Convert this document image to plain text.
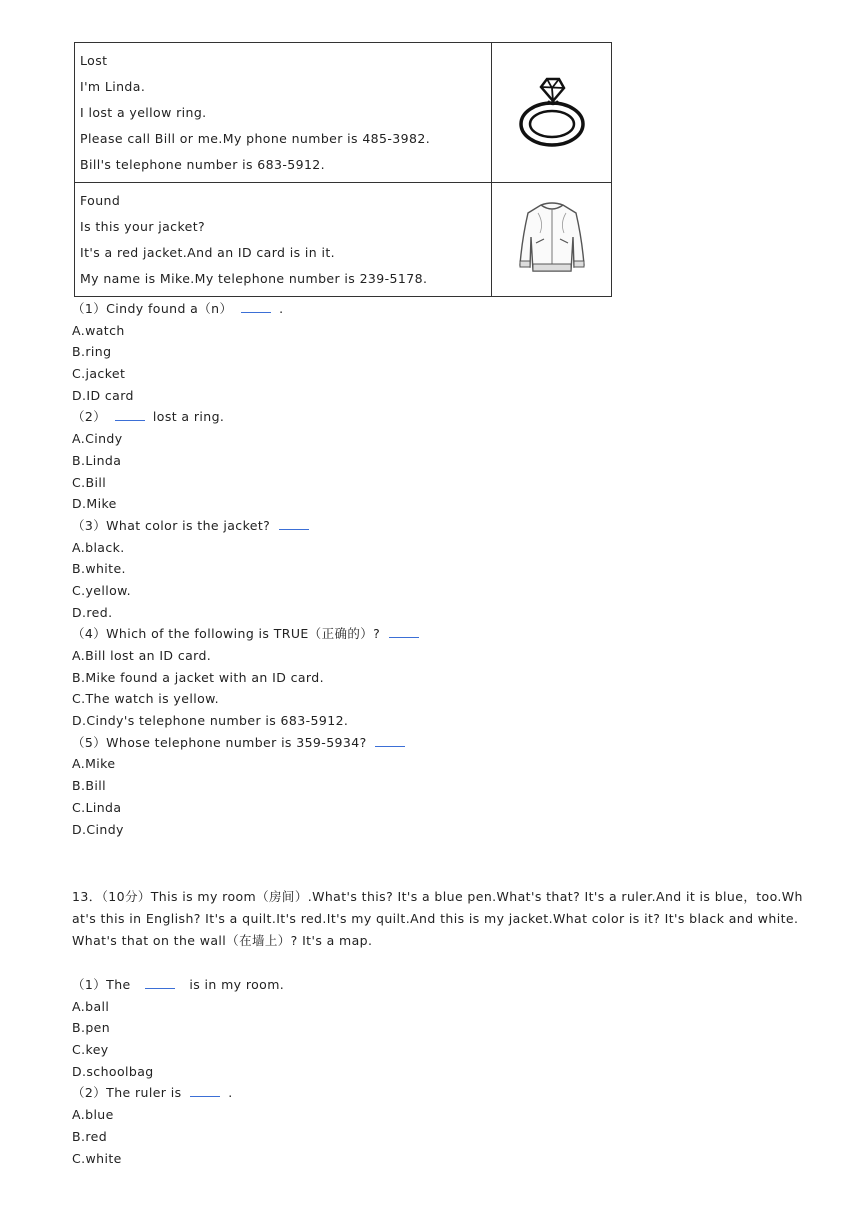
Lost
I'm Linda.
I lost a yellow ring.
Please call Bill or me.My phone number is 485-3982.
Bill's telephone number is 683-5912.

Found
Is this your jacket?
It's a red jacket.And an ID card is in it.
My name is Mike.My telephone number is 239-5178.

（1）Cindy found a（n）	.
A.watch
B.ring
C.jacket
D.ID card
（2）	lost a ring.
A.Cindy
B.Linda
C.Bill
D.Mike
（3）What color is the jacket?
A.black.
B.white.
C.yellow.
D.red.
（4）Which of the following is TRUE（正确的）?
A.Bill lost an ID card.
B.Mike found a jacket with an ID card.
C.The watch is yellow.
D.Cindy's telephone number is 683-5912.
（5）Whose telephone number is 359-5934?
A.Mike
B.Bill
C.Linda
D.Cindy
13．（10分）This is my room（房间）.What's this? It's a blue pen.What's that? It's a ruler.And it is blue，too.What's this in English? It's a quilt.It's red.It's my quilt.And this is my jacket.What color is it? It's black and white.What's that on the wall（在墙上）? It's a map.
（1）The	is in my room.
A.ball
B.pen
C.key
D.schoolbag
（2）The ruler is	.
A.blue
B.red
C.white
